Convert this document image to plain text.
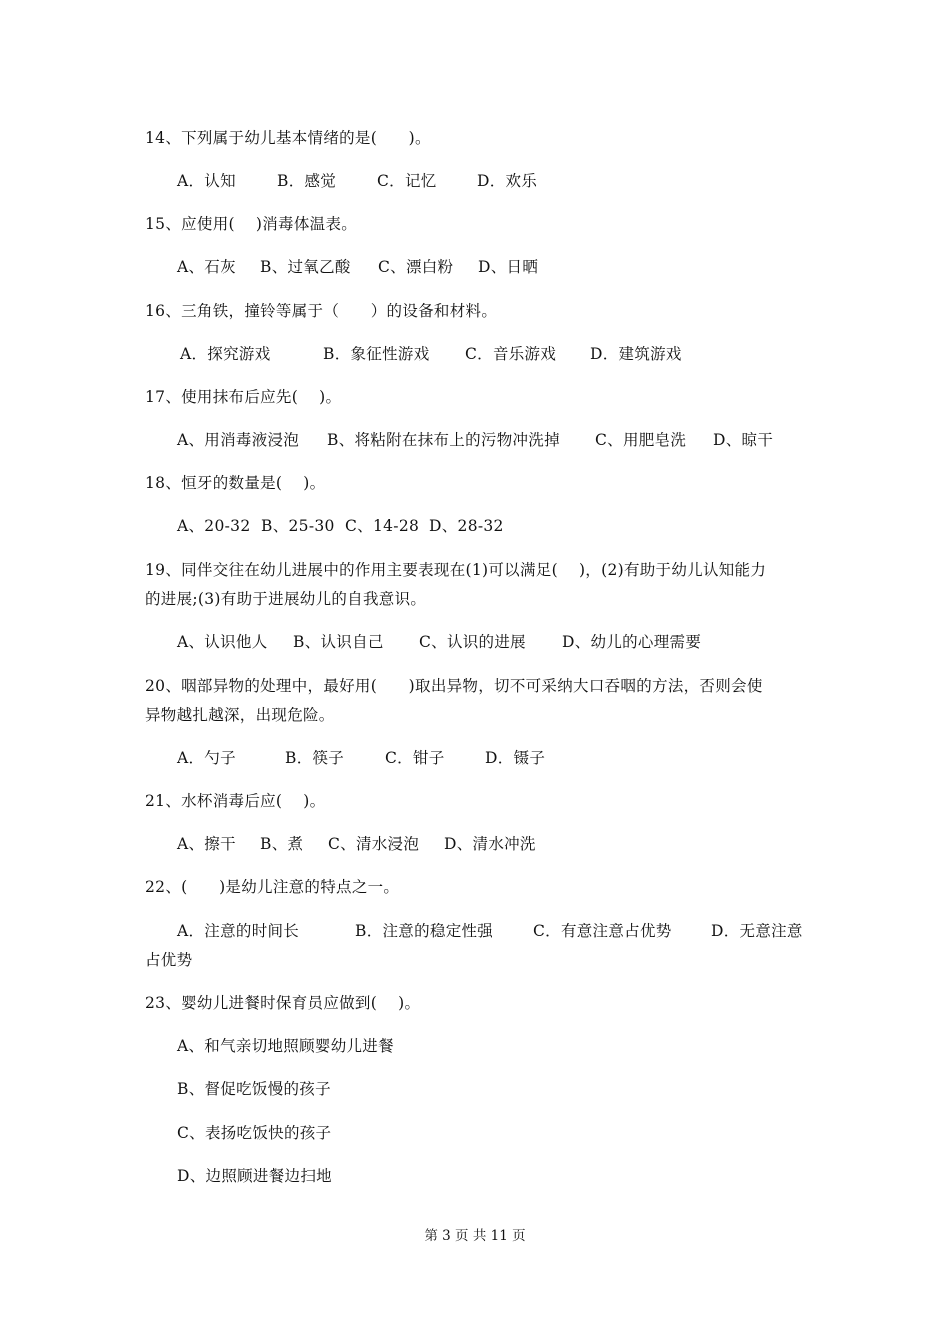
14、下列属于幼儿基本情绪的是(　　)。
A．认知	B．感觉	C．记忆	D．欢乐
15、应使用(　 )消毒体温表。
A、石灰	B、过氧乙酸	C、漂白粉	D、日晒
16、三角铁，撞铃等属于（　　）的设备和材料。
A．探究游戏	B．象征性游戏	C．音乐游戏	D．建筑游戏
17、使用抹布后应先(　 )。
A、用消毒液浸泡	B、将粘附在抹布上的污物冲洗掉	C、用肥皂洗	D、晾干
18、恒牙的数量是(　 )。
A、20-32 B、25-30 C、14-28 D、28-32
19、同伴交往在幼儿进展中的作用主要表现在(1)可以满足(　 )，(2)有助于幼儿认知能力
的进展;(3)有助于进展幼儿的自我意识。
A、认识他人	B、认识自己	C、认识的进展	D、幼儿的心理需要
20、咽部异物的处理中，最好用(　　)取出异物，切不可采纳大口吞咽的方法，否则会使
异物越扎越深，出现危险。
A．勺子	B．筷子	C．钳子	D．镊子
21、水杯消毒后应(　 )。
A、擦干	B、煮	C、清水浸泡	D、清水冲洗
22、(　　)是幼儿注意的特点之一。
A．注意的时间长	B．注意的稳定性强	C．有意注意占优势	D．无意注意
占优势
23、婴幼儿进餐时保育员应做到(　 )。
A、和气亲切地照顾婴幼儿进餐
B、督促吃饭慢的孩子
C、表扬吃饭快的孩子
D、边照顾进餐边扫地
第 3 页 共 11 页
